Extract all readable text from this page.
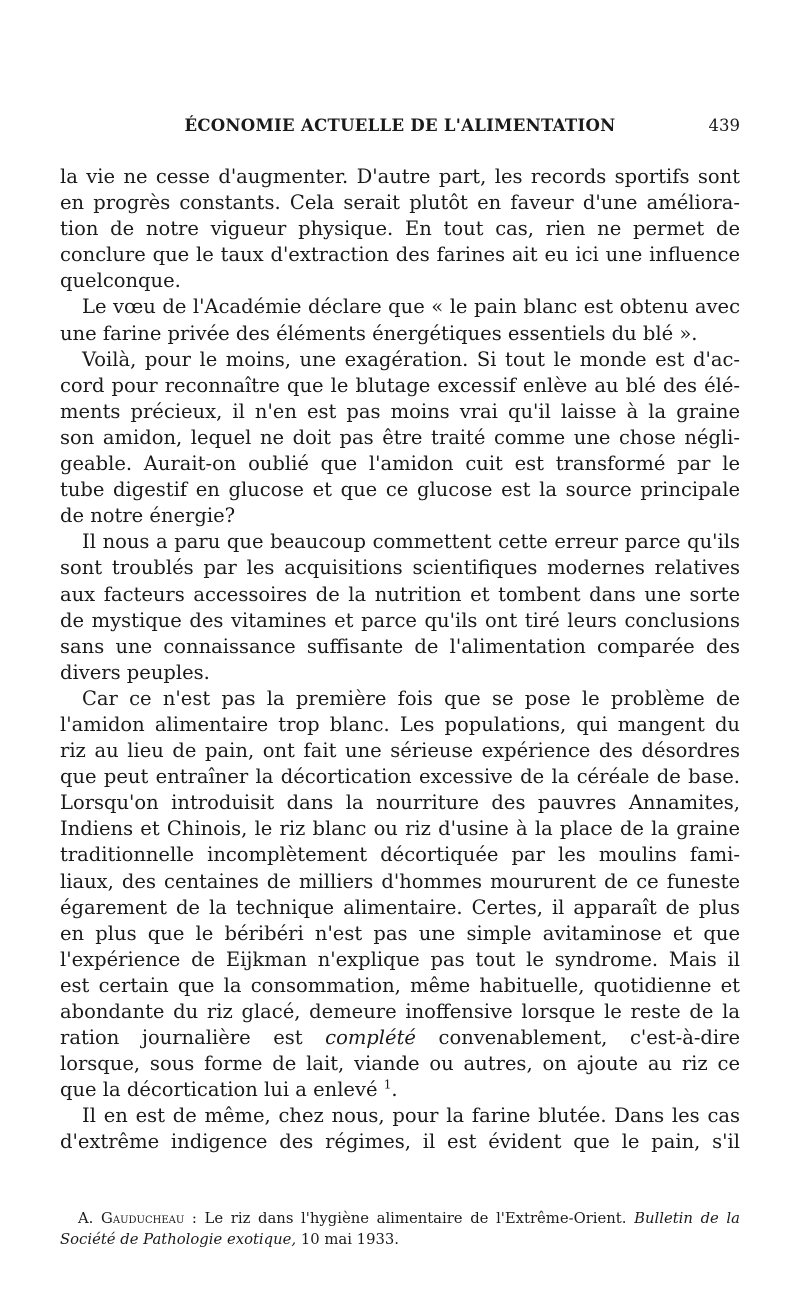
ÉCONOMIE ACTUELLE DE L'ALIMENTATION	439
la vie ne cesse d'augmenter. D'autre part, les records sportifs sont
en progrès constants. Cela serait plutôt en faveur d'une améliora-
tion de notre vigueur physique. En tout cas, rien ne permet de
conclure que le taux d'extraction des farines ait eu ici une influence
quelconque.
Le vœu de l'Académie déclare que « le pain blanc est obtenu avec
une farine privée des éléments énergétiques essentiels du blé ».
Voilà, pour le moins, une exagération. Si tout le monde est d'ac-
cord pour reconnaître que le blutage excessif enlève au blé des élé-
ments précieux, il n'en est pas moins vrai qu'il laisse à la graine
son amidon, lequel ne doit pas être traité comme une chose négli-
geable. Aurait-on oublié que l'amidon cuit est transformé par le
tube digestif en glucose et que ce glucose est la source principale
de notre énergie?
Il nous a paru que beaucoup commettent cette erreur parce qu'ils
sont troublés par les acquisitions scientifiques modernes relatives
aux facteurs accessoires de la nutrition et tombent dans une sorte
de mystique des vitamines et parce qu'ils ont tiré leurs conclusions
sans une connaissance suffisante de l'alimentation comparée des
divers peuples.
Car ce n'est pas la première fois que se pose le problème de
l'amidon alimentaire trop blanc. Les populations, qui mangent du
riz au lieu de pain, ont fait une sérieuse expérience des désordres
que peut entraîner la décortication excessive de la céréale de base.
Lorsqu'on introduisit dans la nourriture des pauvres Annamites,
Indiens et Chinois, le riz blanc ou riz d'usine à la place de la graine
traditionnelle incomplètement décortiquée par les moulins fami-
liaux, des centaines de milliers d'hommes moururent de ce funeste
égarement de la technique alimentaire. Certes, il apparaît de plus
en plus que le béribéri n'est pas une simple avitaminose et que
l'expérience de Eijkman n'explique pas tout le syndrome. Mais il
est certain que la consommation, même habituelle, quotidienne et
abondante du riz glacé, demeure inoffensive lorsque le reste de la
ration journalière est complété convenablement, c'est-à-dire
lorsque, sous forme de lait, viande ou autres, on ajoute au riz ce
que la décortication lui a enlevé $^1$.
Il en est de même, chez nous, pour la farine blutée. Dans les cas
d'extrême indigence des régimes, il est évident que le pain, s'il
A. Gauducheau : Le riz dans l'hygiène alimentaire de l'Extrême-Orient. Bulletin de la
Société de Pathologie exotique, 10 mai 1933.
